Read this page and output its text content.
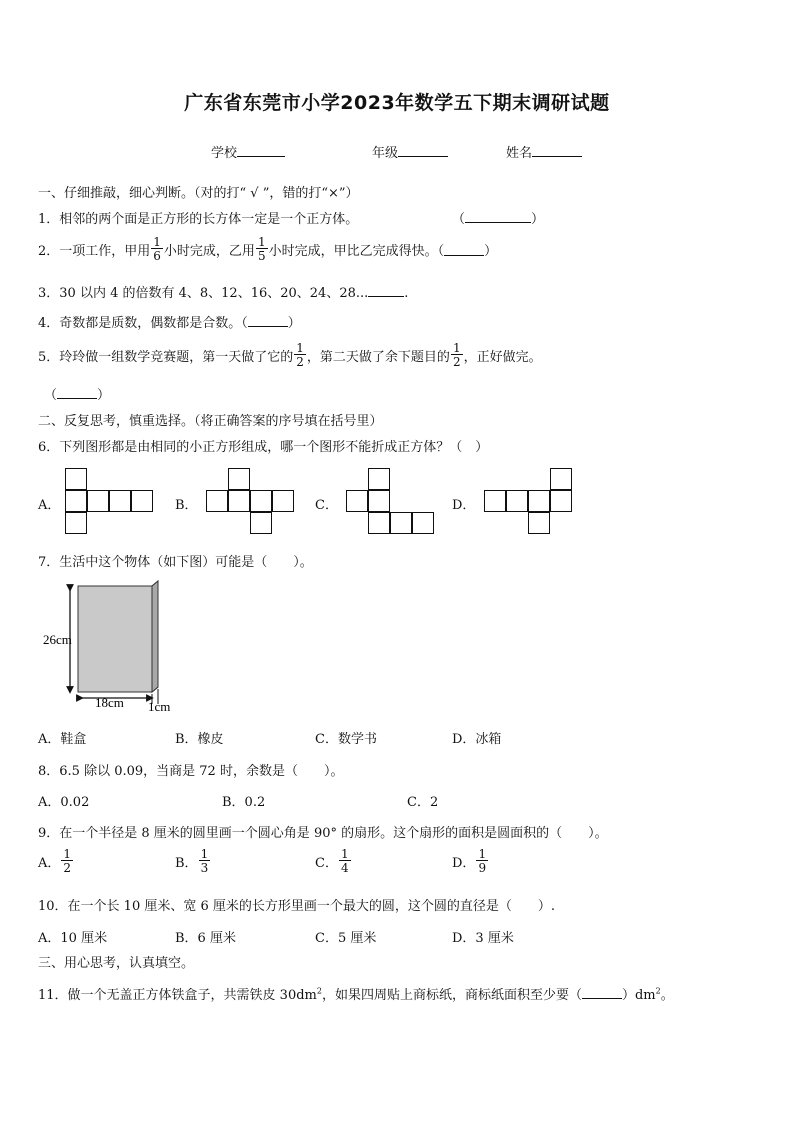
广东省东莞市小学2023年数学五下期末调研试题
学校	年级	姓名
一、仔细推敲，细心判断。（对的打“ √ ”，错的打“×”）
1．相邻的两个面是正方形的长方体一定是一个正方体。	（	）
2．一项工作，甲用 $\frac{1}{6}$ 小时完成，乙用 $\frac{1}{5}$ 小时完成，甲比乙完成得快。（	）
3．30 以内 4 的倍数有 4、8、12、16、20、24、28...	.
4．奇数都是质数，偶数都是合数。（	）
5．玲玲做一组数学竞赛题，第一天做了它的 $\frac{1}{2}$ ，第二天做了余下题目的 $\frac{1}{2}$ ，正好做完。
（	）
二、反复思考，慎重选择。（将正确答案的序号填在括号里）
6．下列图形都是由相同的小正方形组成，哪一个图形不能折成正方体？（　）
A．	B．	C．	D．
7．生活中这个物体（如下图）可能是（　　）。
26cm
18cm 1cm
A．鞋盒	B．橡皮	C．数学书	D．冰箱
8．6.5 除以 0.09，当商是 72 时，余数是（　　）。
A．0.02	B．0.2	C．2
9．在一个半径是 8 厘米的圆里画一个圆心角是 90° 的扇形。这个扇形的面积是圆面积的（　　）。
A． $\frac{1}{2}$	B． $\frac{1}{3}$	C． $\frac{1}{4}$	D． $\frac{1}{9}$
10．在一个长 10 厘米、宽 6 厘米的长方形里画一个最大的圆，这个圆的直径是（　　）.
A．10 厘米	B．6 厘米	C．5 厘米	D．3 厘米
三、用心思考，认真填空。
11．做一个无盖正方体铁盒子，共需铁皮 $30dm^2$，如果四周贴上商标纸，商标纸面积至少要（	）$dm^2$。
